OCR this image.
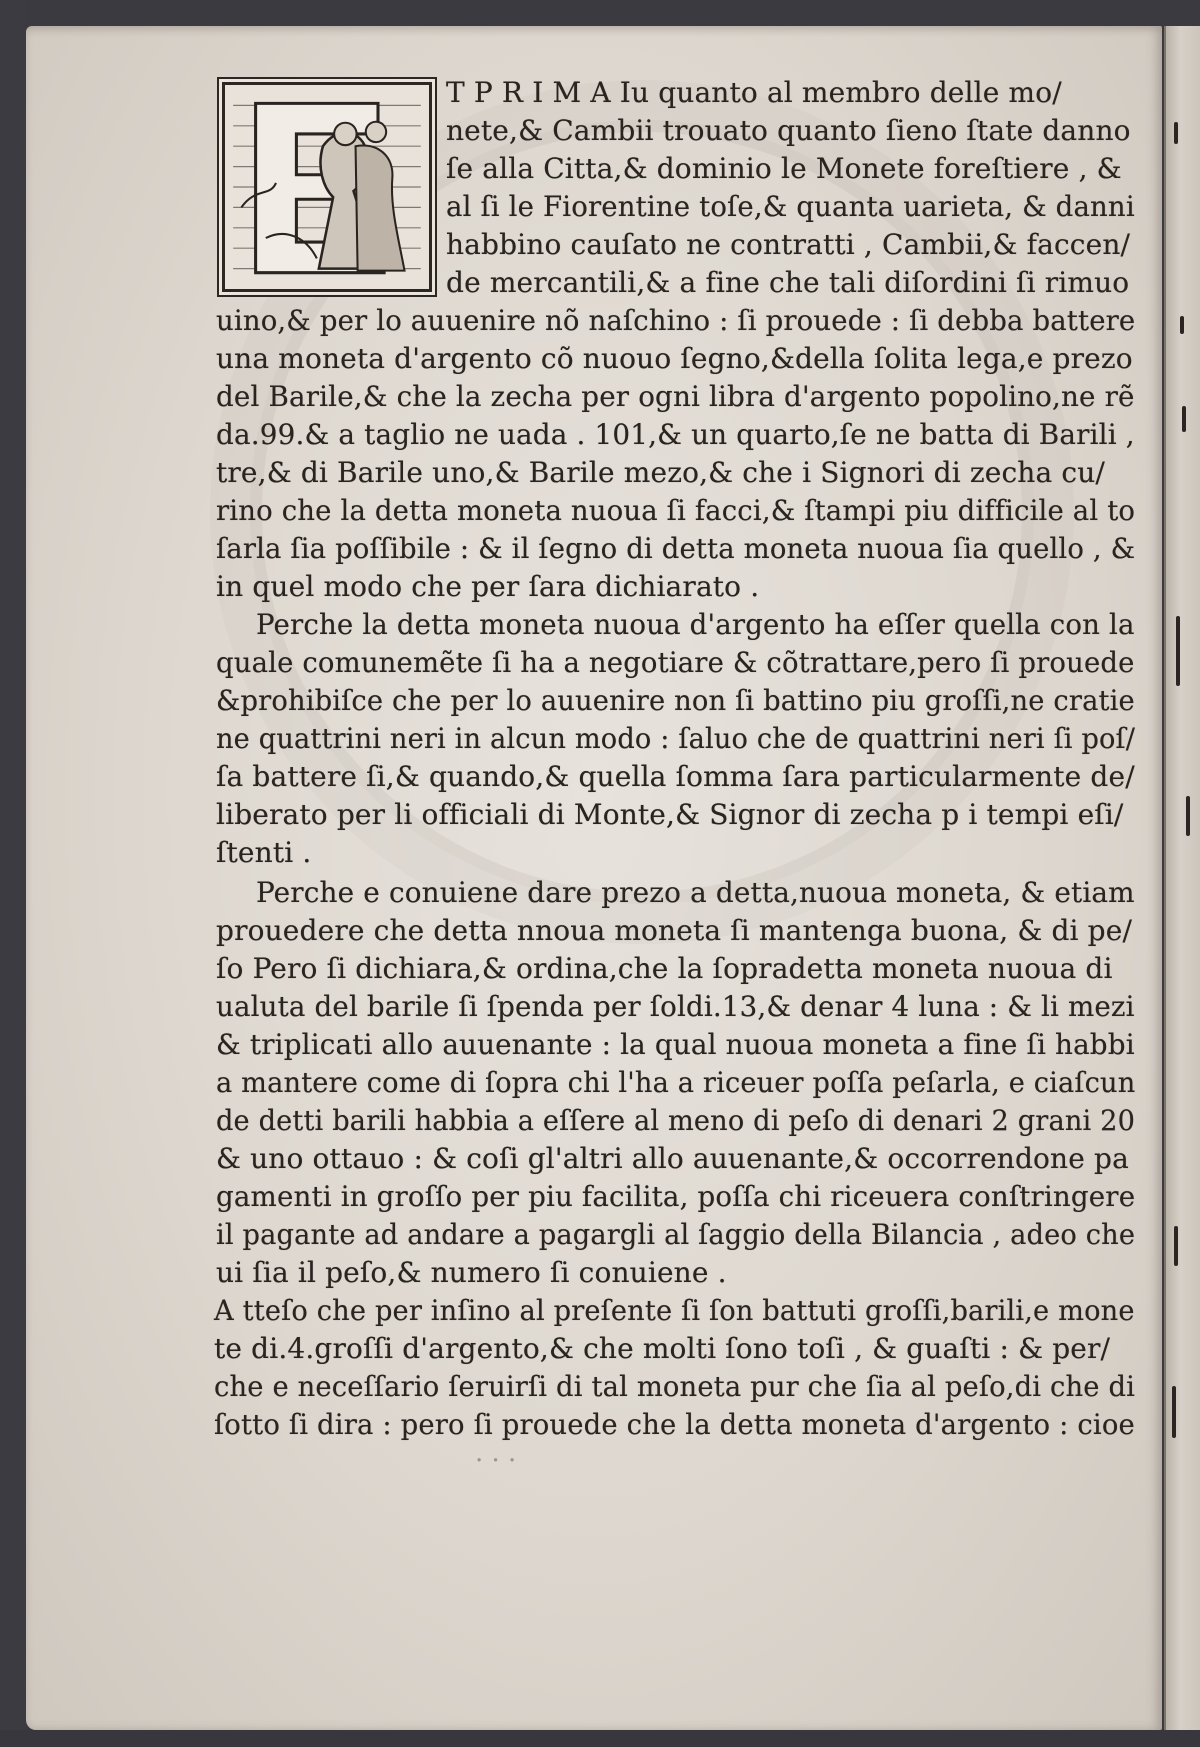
T P R I M A Iu quanto al membro delle mo/
nete,& Cambii trouato quanto ſieno ſtate danno
ſe alla Citta,& dominio le Monete foreſtiere , &
al ſi le Fiorentine toſe,& quanta uarieta, & danni
habbino cauſato ne contratti , Cambii,& faccen/
de mercantili,& a fine che tali diſordini ſi rimuo
uino,& per lo auuenire nõ naſchino : ſi prouede : ſi debba battere
una moneta d'argento cõ nuouo ſegno,&della ſolita lega,e prezo
del Barile,& che la zecha per ogni libra d'argento popolino,ne rẽ
da.99.& a taglio ne uada . 101,& un quarto,ſe ne batta di Barili ,
tre,& di Barile uno,& Barile mezo,& che i Signori di zecha cu/
rino che la detta moneta nuoua ſi facci,& ſtampi piu difficile al to
ſarla ſia poſſibile : & il ſegno di detta moneta nuoua ſia quello , &
in quel modo che per ſara dichiarato .
Perche la detta moneta nuoua d'argento ha eſſer quella con la
quale comunemẽte ſi ha a negotiare & cõtrattare,pero ſi prouede
&prohibiſce che per lo auuenire non ſi battino piu groſſi,ne cratie
ne quattrini neri in alcun modo : ſaluo che de quattrini neri ſi poſ/
ſa battere ſi,& quando,& quella ſomma ſara particularmente de/
liberato per li officiali di Monte,& Signor di zecha p i tempi eſi/
ſtenti .
Perche e conuiene dare prezo a detta,nuoua moneta, & etiam
prouedere che detta nnoua moneta ſi mantenga buona, & di pe/
ſo Pero ſi dichiara,& ordina,che la ſopradetta moneta nuoua di
ualuta del barile ſi ſpenda per ſoldi.13,& denar 4 luna : & li mezi
& triplicati allo auuenante : la qual nuoua moneta a fine ſi habbi
a mantere come di ſopra chi l'ha a riceuer poſſa peſarla, e ciaſcun
de detti barili habbia a eſſere al meno di peſo di denari 2 grani 20
& uno ottauo : & coſi gl'altri allo auuenante,& occorrendone pa
gamenti in groſſo per piu facilita, poſſa chi riceuera conſtringere
il pagante ad andare a pagargli al ſaggio della Bilancia , adeo che
ui ſia il peſo,& numero ſi conuiene .
A tteſo che per inſino al preſente ſi ſon battuti groſſi,barili,e mone
te di.4.groſſi d'argento,& che molti ſono toſi , & guaſti : & per/
che e neceſſario ſeruirſi di tal moneta pur che ſia al peſo,di che di
ſotto ſi dira : pero ſi prouede che la detta moneta d'argento : cioe
· · ·
